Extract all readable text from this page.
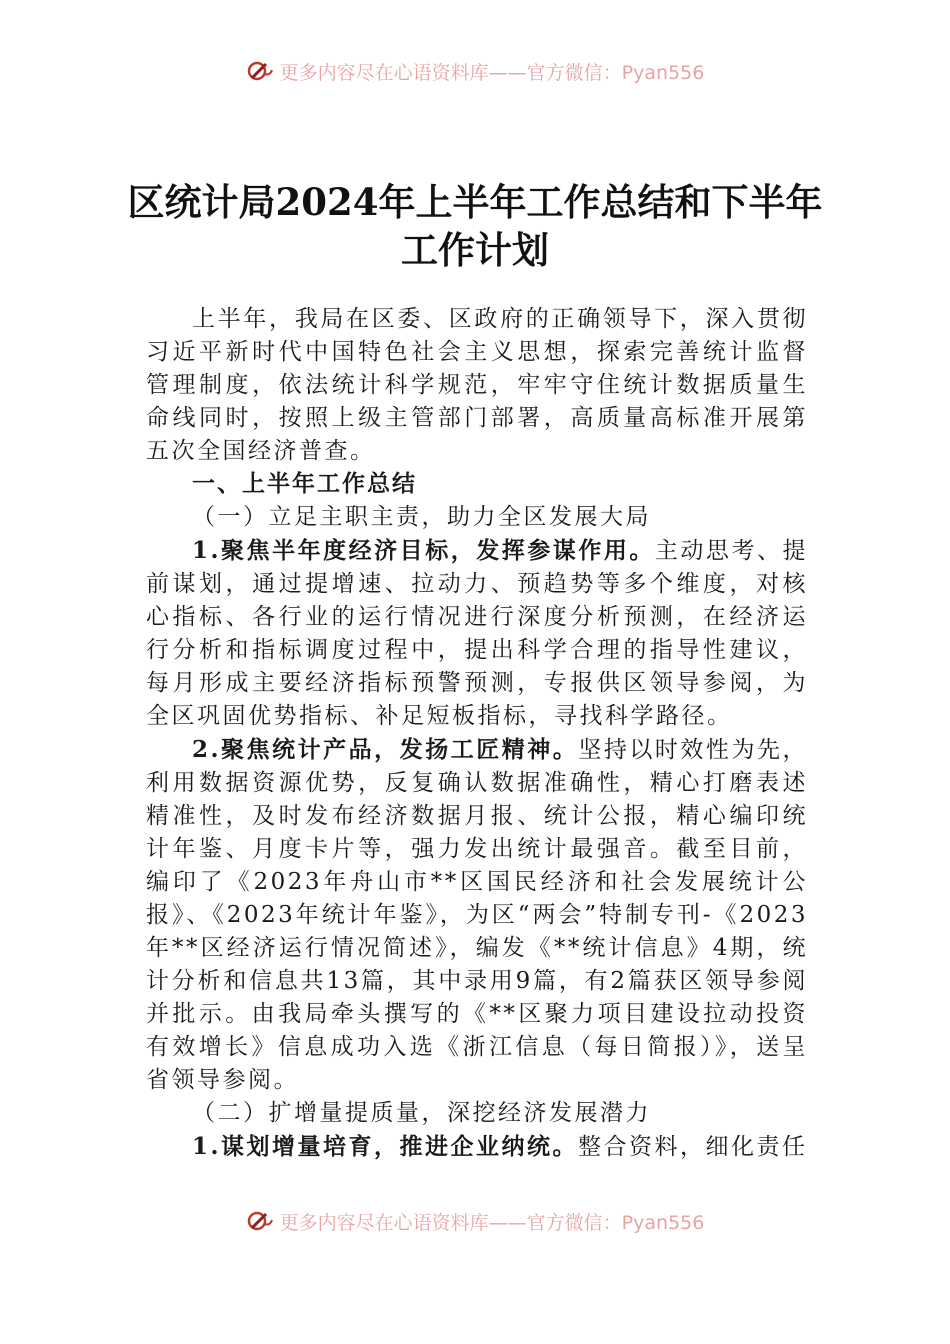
更多内容尽在心语资料库——官方微信：Pyan556
区统计局2024年上半年工作总结和下半年
工作计划

上半年，我局在区委、区政府的正确领导下，深入贯彻习近平新时代中国特色社会主义思想，探索完善统计监督管理制度，依法统计科学规范，牢牢守住统计数据质量生命线同时，按照上级主管部门部署，高质量高标准开展第五次全国经济普查。

一、上半年工作总结

（一）立足主职主责，助力全区发展大局

1.聚焦半年度经济目标，发挥参谋作用。主动思考、提前谋划，通过提增速、拉动力、预趋势等多个维度，对核心指标、各行业的运行情况进行深度分析预测，在经济运行分析和指标调度过程中，提出科学合理的指导性建议，每月形成主要经济指标预警预测，专报供区领导参阅，为全区巩固优势指标、补足短板指标，寻找科学路径。

2.聚焦统计产品，发扬工匠精神。坚持以时效性为先，利用数据资源优势，反复确认数据准确性，精心打磨表述精准性，及时发布经济数据月报、统计公报，精心编印统计年鉴、月度卡片等，强力发出统计最强音。截至目前，编印了《2023年舟山市**区国民经济和社会发展统计公报》、《2023年统计年鉴》，为区“两会”特制专刊-《2023年**区经济运行情况简述》，编发《**统计信息》4期，统计分析和信息共13篇，其中录用9篇，有2篇获区领导参阅并批示。由我局牵头撰写的《**区聚力项目建设拉动投资有效增长》信息成功入选《浙江信息（每日简报）》，送呈省领导参阅。

（二）扩增量提质量，深挖经济发展潜力

1.谋划增量培育，推进企业纳统。整合资料，细化责任

更多内容尽在心语资料库——官方微信：Pyan556
